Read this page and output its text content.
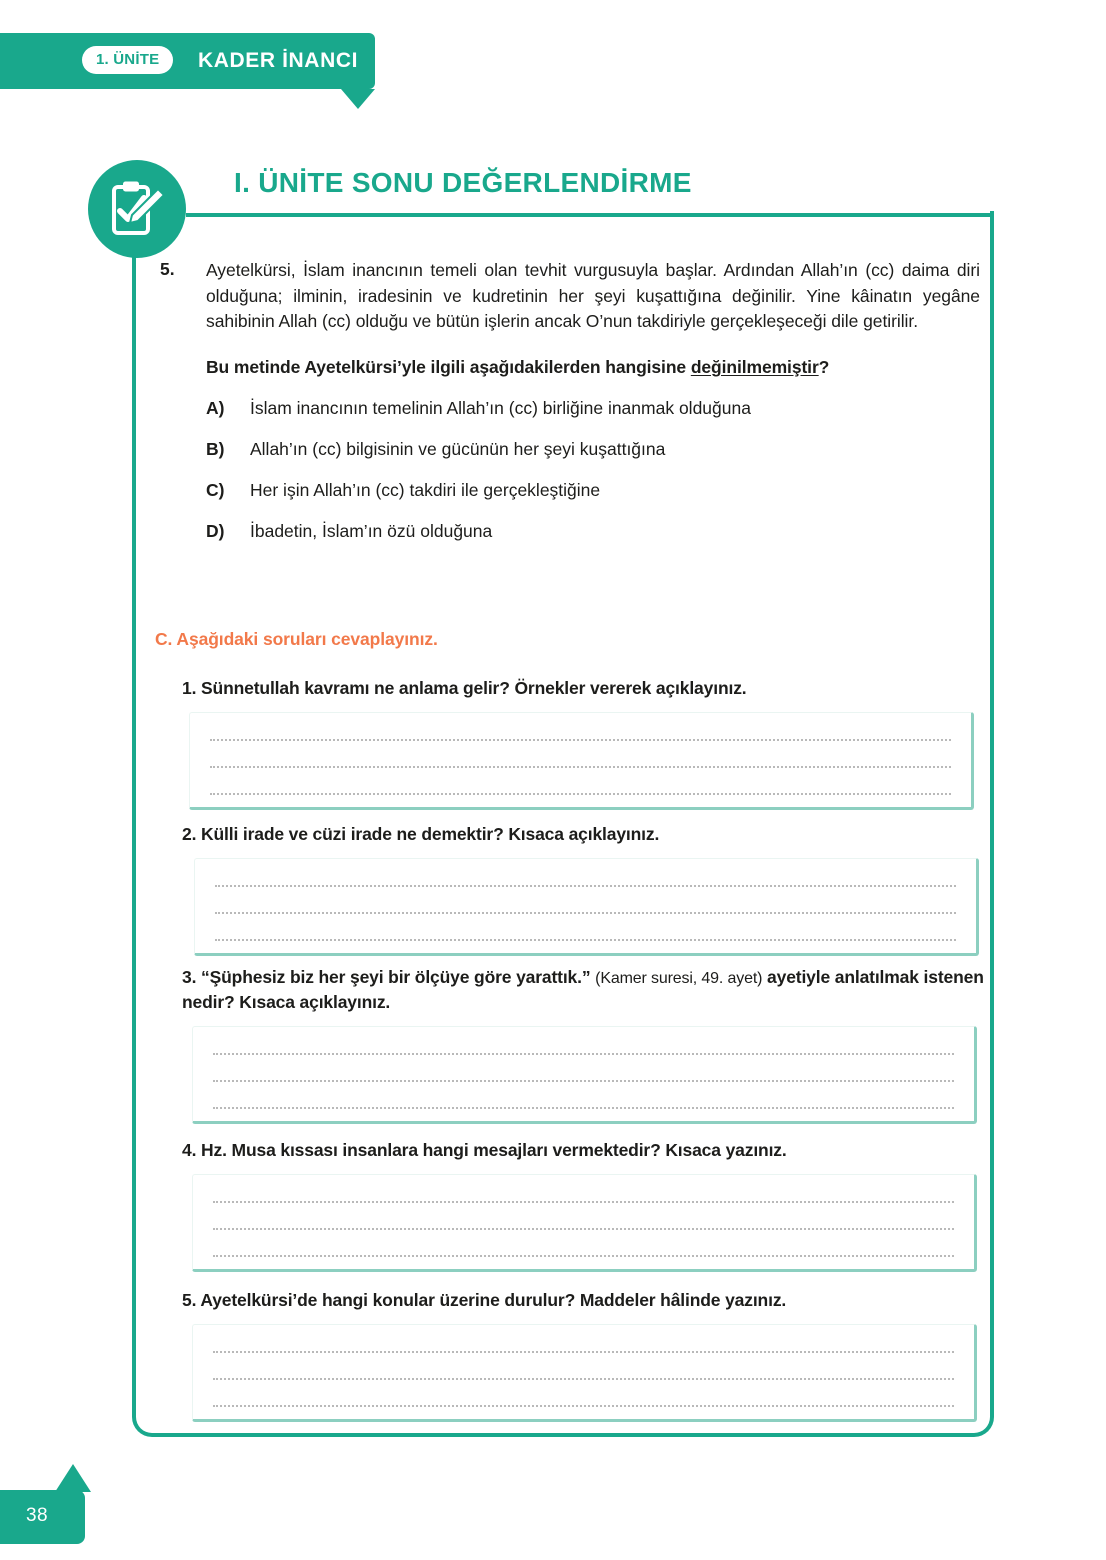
KADER İNANCI
1. ÜNİTE
I. ÜNİTE SONU DEĞERLENDİRME
5.	Ayetelkürsi, İslam inancının temeli olan tevhit vurgusuyla başlar. Ardından Allah’ın (cc) daima diri olduğuna; ilminin, iradesinin ve kudretinin her şeyi kuşattığına değinilir. Yine kâinatın yegâne sahibinin Allah (cc) olduğu ve bütün işlerin ancak O’nun takdiriyle gerçekleşeceği dile getirilir.
Bu metinde Ayetelkürsi’yle ilgili aşağıdakilerden hangisine değinilmemiştir?
A)	İslam inancının temelinin Allah’ın (cc) birliğine inanmak olduğuna
B)	Allah’ın (cc) bilgisinin ve gücünün her şeyi kuşattığına
C)	Her işin Allah’ın (cc) takdiri ile gerçekleştiğine
D)	İbadetin, İslam’ın özü olduğuna
C. Aşağıdaki soruları cevaplayınız.
1. Sünnetullah kavramı ne anlama gelir? Örnekler vererek açıklayınız.
2. Külli irade ve cüzi irade ne demektir? Kısaca açıklayınız.
3. “Şüphesiz biz her şeyi bir ölçüye göre yarattık.” (Kamer suresi, 49. ayet) ayetiyle anlatılmak istenen nedir? Kısaca açıklayınız.
4. Hz. Musa kıssası insanlara hangi mesajları vermektedir? Kısaca yazınız.
5. Ayetelkürsi’de hangi konular üzerine durulur? Maddeler hâlinde yazınız.
38
